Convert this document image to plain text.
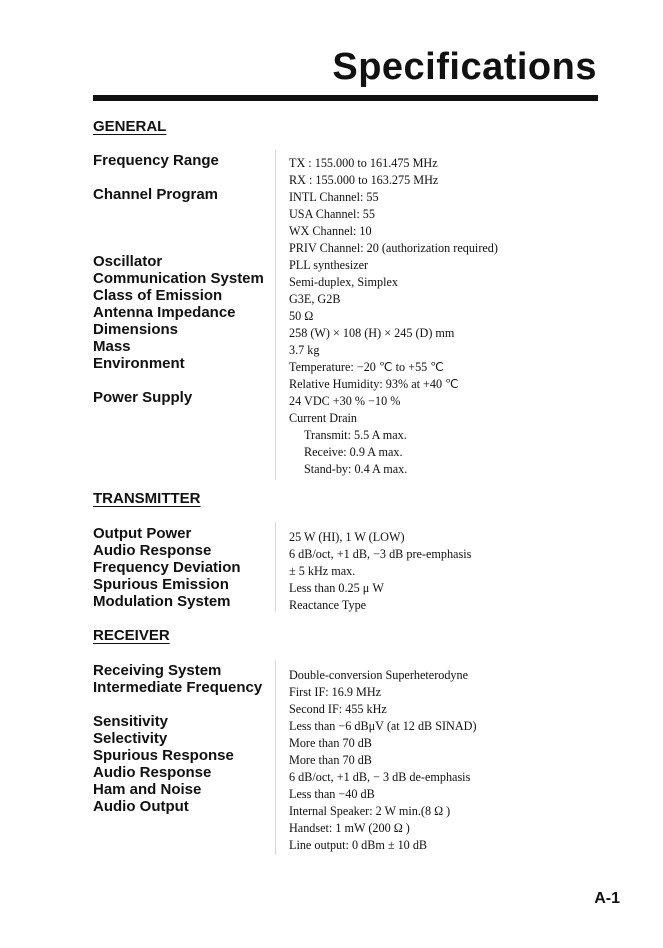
Specifications
GENERAL
Frequency Range
Channel Program
Oscillator
Communication System
Class of Emission
Antenna Impedance
Dimensions
Mass
Environment
Power Supply
TX : 155.000 to 161.475 MHz
RX : 155.000 to 163.275 MHz
INTL Channel: 55
USA Channel: 55
WX Channel: 10
PRIV Channel: 20 (authorization required)
PLL synthesizer
Semi-duplex, Simplex
G3E, G2B
50 Ω
258 (W) × 108 (H) × 245 (D) mm
3.7 kg
Temperature: −20 ℃ to +55 ℃
Relative Humidity: 93% at +40 ℃
24 VDC +30 % −10 %
Current Drain
Transmit: 5.5 A max.
Receive: 0.9 A max.
Stand-by: 0.4 A max.
TRANSMITTER
Output Power
Audio Response
Frequency Deviation
Spurious Emission
Modulation System
25 W (HI), 1 W (LOW)
6 dB/oct, +1 dB, −3 dB pre-emphasis
± 5 kHz max.
Less than 0.25 μ W
Reactance Type
RECEIVER
Receiving System
Intermediate Frequency
Sensitivity
Selectivity
Spurious Response
Audio Response
Ham and Noise
Audio Output
Double-conversion Superheterodyne
First IF: 16.9 MHz
Second IF: 455 kHz
Less than −6 dBμV (at 12 dB SINAD)
More than 70 dB
More than 70 dB
6 dB/oct, +1 dB, − 3 dB de-emphasis
Less than −40 dB
Internal Speaker: 2 W min.(8 Ω )
Handset: 1 mW (200 Ω )
Line output: 0 dBm ± 10 dB
A-1
